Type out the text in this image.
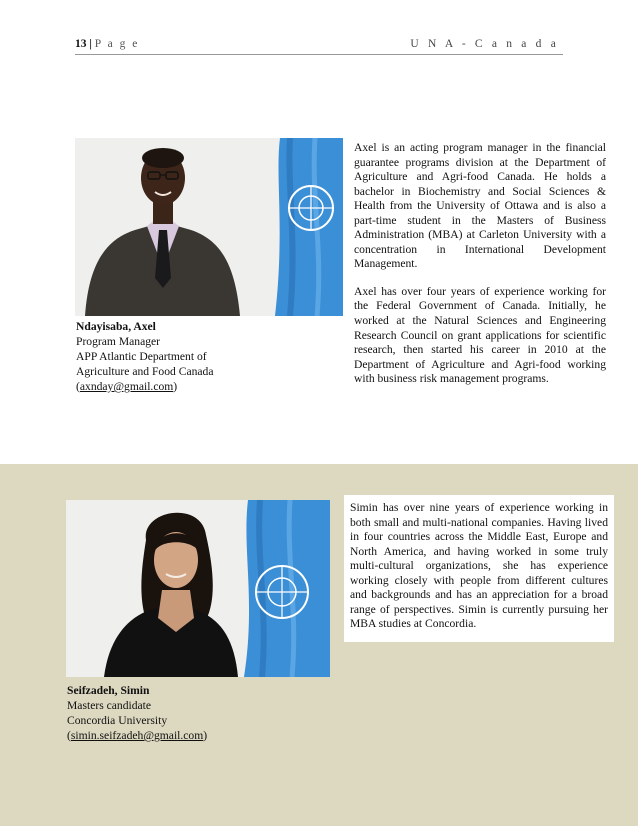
13 | P a g e	U N A - C a n a d a
Ndayisaba, Axel
Program Manager
APP Atlantic Department of
Agriculture and Food Canada
(axnday@gmail.com)

Axel is an acting program manager in the financial guarantee programs division at the Department of Agriculture and Agri-food Canada. He holds a bachelor in Biochemistry and Social Sciences & Health from the University of Ottawa and is also a part-time student in the Masters of Business Administration (MBA) at Carleton University with a concentration in International Development Management.

Axel has over four years of experience working for the Federal Government of Canada. Initially, he worked at the Natural Sciences and Engineering Research Council on grant applications for scientific research, then started his career in 2010 at the Department of Agriculture and Agri-food working with business risk management programs.

Seifzadeh, Simin
Masters candidate
Concordia University
(simin.seifzadeh@gmail.com)

Simin has over nine years of experience working in both small and multi-national companies. Having lived in four countries across the Middle East, Europe and North America, and having worked in some truly multi-cultural organizations, she has experience working closely with people from different cultures and backgrounds and has an appreciation for a broad range of perspectives. Simin is currently pursuing her MBA studies at Concordia.
